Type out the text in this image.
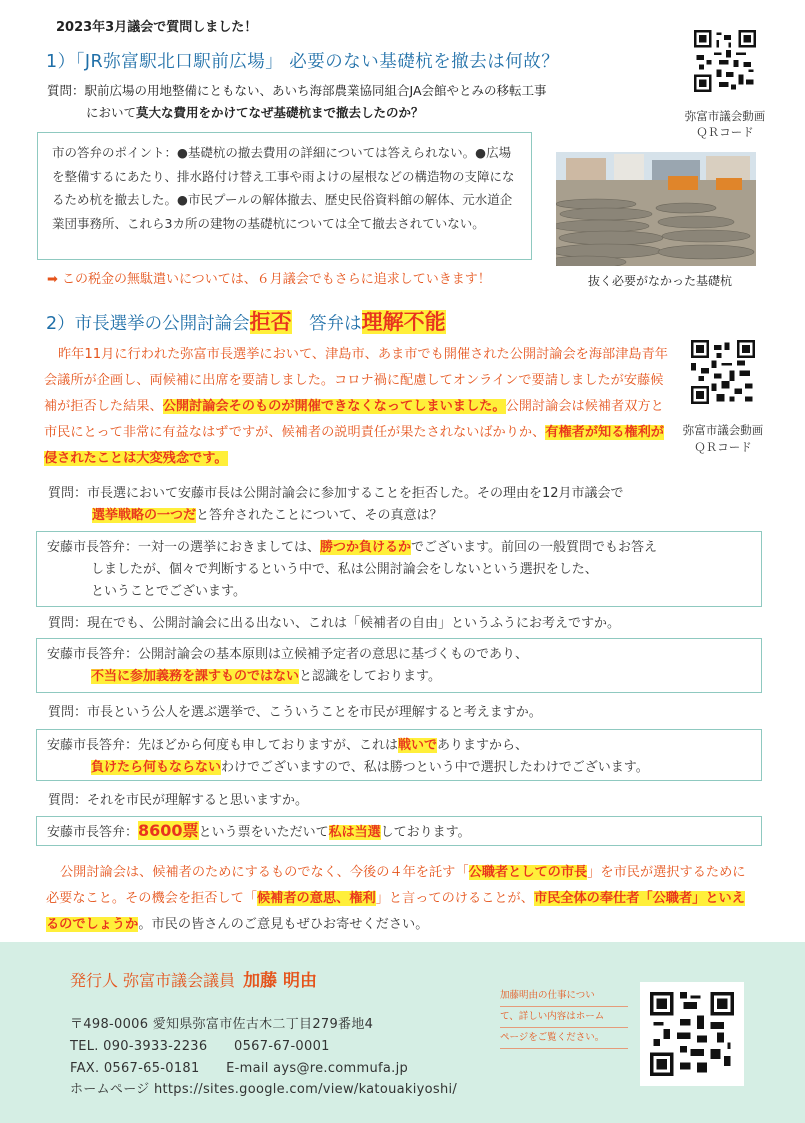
2023年3月議会で質問しました！
1）「JR弥富駅北口駅前広場」 必要のない基礎杭を撤去は何故？
質問：駅前広場の用地整備にともない、あいち海部農業協同組合JA会館やとみの移転工事
において莫大な費用をかけてなぜ基礎杭まで撤去したのか？	弥富市議会動画
ＱＲコード
市の答弁のポイント：●基礎杭の撤去費用の詳細については答えられない。●広場を整備するにあたり、排水路付け替え工事や雨よけの屋根などの構造物の支障になるため杭を撤去した。●市民プールの解体撤去、歴史民俗資料館の解体、元水道企業団事務所、これら3カ所の建物の基礎杭については全て撤去されていない。
抜く必要がなかった基礎杭
➡ この税金の無駄遣いについては、６月議会でもさらに追求していきます！
2）市長選挙の公開討論会拒否　答弁は理解不能
昨年11月に行われた弥富市長選挙において、津島市、あま市でも開催された公開討論会を海部津島青年会議所が企画し、両候補に出席を要請しました。コロナ禍に配慮してオンラインで要請しましたが安藤候補が拒否した結果、公開討論会そのものが開催できなくなってしまいました。公開討論会は候補者双方と市民にとって非常に有益なはずですが、候補者の説明責任が果たされないばかりか、有権者が知る権利が侵されたことは大変残念です。
弥富市議会動画
ＱＲコード
質問：市長選において安藤市長は公開討論会に参加することを拒否した。その理由を12月市議会で
選挙戦略の一つだと答弁されたことについて、その真意は？
安藤市長答弁：一対一の選挙におきましては、勝つか負けるかでございます。前回の一般質問でもお答え
しましたが、個々で判断するという中で、私は公開討論会をしないという選択をした、
ということでございます。
質問：現在でも、公開討論会に出る出ない、これは「候補者の自由」というふうにお考えですか。
安藤市長答弁：公開討論会の基本原則は立候補予定者の意思に基づくものであり、
不当に参加義務を課すものではないと認識をしております。
質問：市長という公人を選ぶ選挙で、こういうことを市民が理解すると考えますか。
安藤市長答弁：先ほどから何度も申しておりますが、これは戦いでありますから、
負けたら何もならないわけでございますので、私は勝つという中で選択したわけでございます。
質問：それを市民が理解すると思いますか。
安藤市長答弁：8600票という票をいただいて私は当選しております。
公開討論会は、候補者のためにするものでなく、今後の４年を託す「公職者としての市長」を市民が選択するために必要なこと。その機会を拒否して「候補者の意思、権利」と言ってのけることが、市民全体の奉仕者「公職者」といえるのでしょうか。市民の皆さんのご意見もぜひお寄せください。
発行人 弥富市議会議員 加藤 明由
〒498-0006 愛知県弥富市佐古木二丁目279番地4
TEL. 090-3933-2236　　0567-67-0001
FAX. 0567-65-0181　　E-mail ays@re.commufa.jp
ホームページ https://sites.google.com/view/katouakiyoshi/
加藤明由の仕事につい
て、詳しい内容はホーム
ページをご覧ください。
